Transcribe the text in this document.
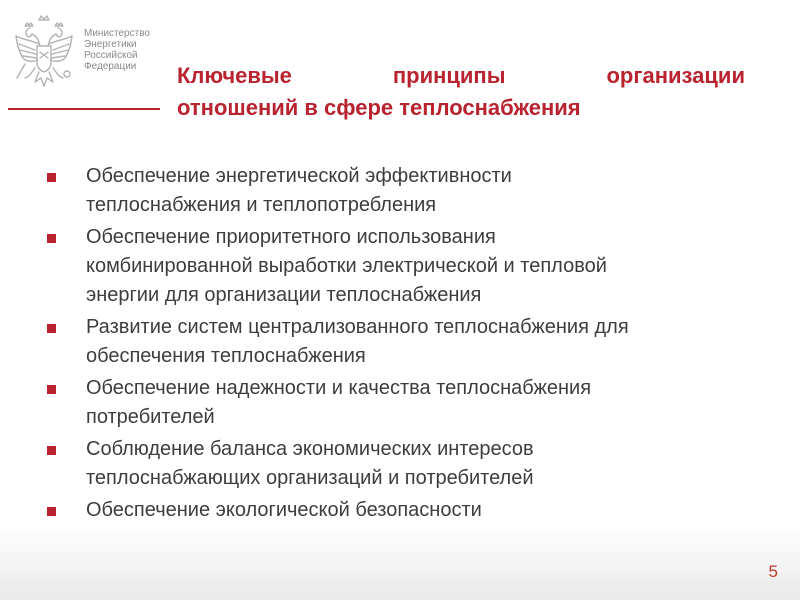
Министерство
Энергетики
Российской
Федерации	Ключевые	принципы	организации
отношений в сфере теплоснабжения
Обеспечение энергетической эффективности
теплоснабжения и теплопотребления
Обеспечение приоритетного использования
комбинированной выработки электрической и тепловой
энергии для организации теплоснабжения
Развитие систем централизованного теплоснабжения для
обеспечения теплоснабжения
Обеспечение надежности и качества теплоснабжения
потребителей
Соблюдение баланса экономических интересов
теплоснабжающих организаций и потребителей
Обеспечение экологической безопасности
5
